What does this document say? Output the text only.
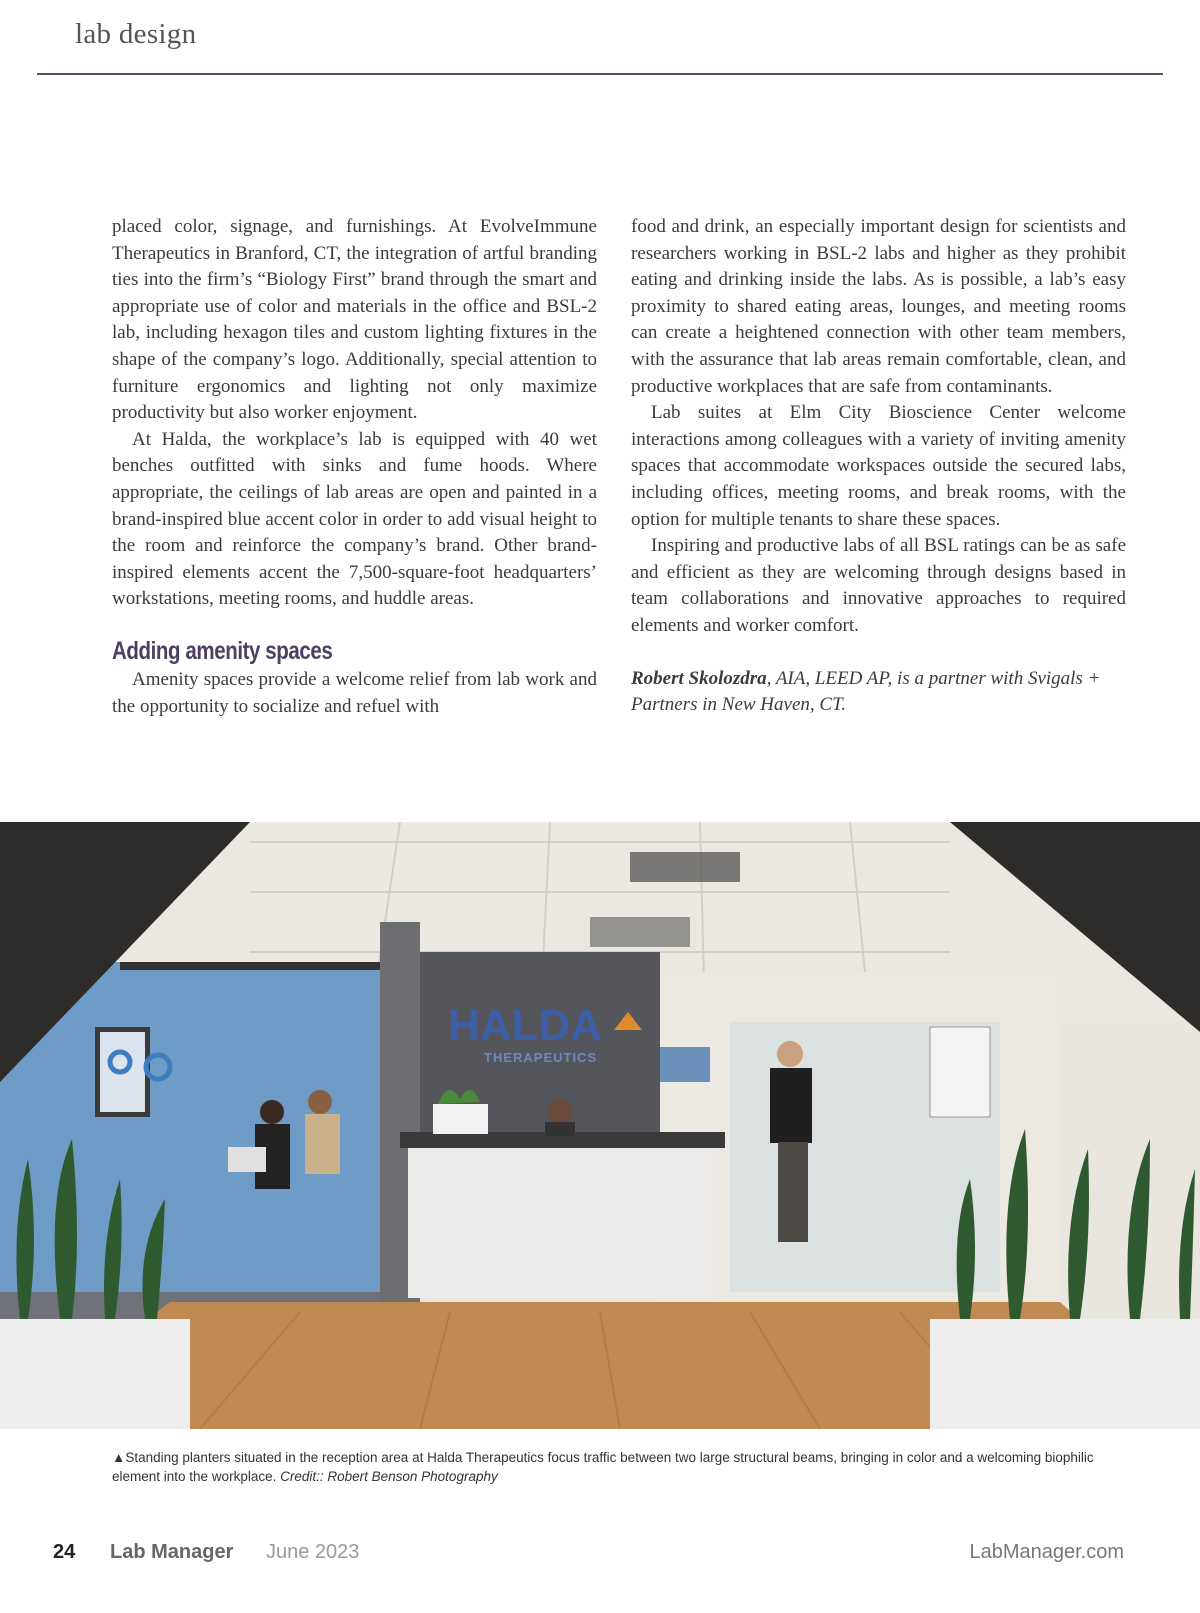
lab design

placed color, signage, and furnishings. At EvolveImmune Therapeutics in Branford, CT, the integration of artful branding ties into the firm’s “Biology First” brand through the smart and appropriate use of color and materials in the office and BSL-2 lab, including hexagon tiles and custom lighting fixtures in the shape of the company’s logo. Additionally, special attention to furniture ergonomics and lighting not only maximize productivity but also worker enjoyment.

At Halda, the workplace’s lab is equipped with 40 wet benches outfitted with sinks and fume hoods. Where appropriate, the ceilings of lab areas are open and painted in a brand-inspired blue accent color in order to add visual height to the room and reinforce the company’s brand. Other brand-inspired elements accent the 7,500-square-foot headquarters’ workstations, meeting rooms, and huddle areas.

Adding amenity spaces

Amenity spaces provide a welcome relief from lab work and the opportunity to socialize and refuel with

food and drink, an especially important design for scientists and researchers working in BSL-2 labs and higher as they prohibit eating and drinking inside the labs. As is possible, a lab’s easy proximity to shared eating areas, lounges, and meeting rooms can create a heightened connection with other team members, with the assurance that lab areas remain comfortable, clean, and productive workplaces that are safe from contaminants.

Lab suites at Elm City Bioscience Center welcome interactions among colleagues with a variety of inviting amenity spaces that accommodate workspaces outside the secured labs, including offices, meeting rooms, and break rooms, with the option for multiple tenants to share these spaces.

Inspiring and productive labs of all BSL ratings can be as safe and efficient as they are welcoming through designs based in team collaborations and innovative approaches to required elements and worker comfort.

Robert Skolozdra, AIA, LEED AP, is a partner with Svigals + Partners in New Haven, CT.

HALDA
THERAPEUTICS
▲Standing planters situated in the reception area at Halda Therapeutics focus traffic between two large structural beams, bringing in color and a welcoming biophilic element into the workplace. Credit:: Robert Benson Photography
24 Lab Manager June 2023	LabManager.com
